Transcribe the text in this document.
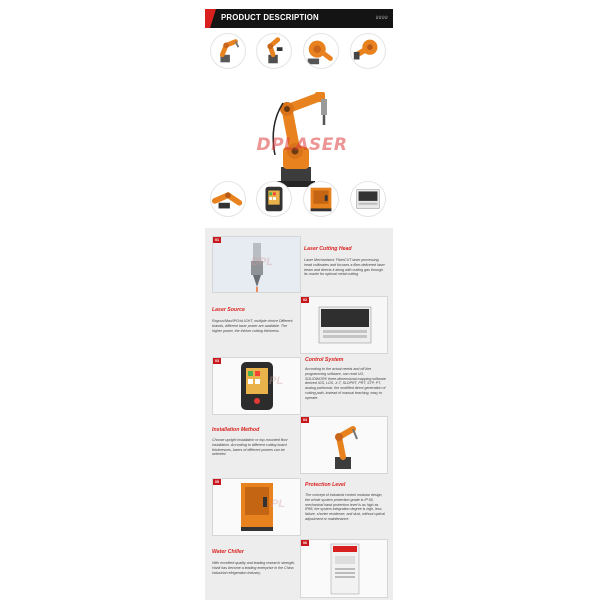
PRODUCT DESCRIPTION	ỮỮỮỮ
DPLASER
01
DPL
Laser Cutting Head
Laser Mechanisms' FiberCUT laser processing head collimates and focuses a fiber-delivered laser beam and directs it along with cutting gas through its nozzle for optimal metal cutting
Laser Source
Raycus/Max/IPG/nLIGHT, multiple choice Different brands, different laser power are available. The higher power, the thicker cutting thickness.
02
03
PL
Control System
According to the actual needs and off-line programming software, can read UG, SOLIDWORK three-dimensional mapping software derived IGS, LGS, X-T, SLDPRT, PRT, STP, PT, analog parformat, the modified direct generation of cutting path, instead of manual teaching, easy to operate.
Installation Method
Choose upright installation or top-mounted floor installation. According to different cutting board thicknesses, lasers of different powers can be selected.
04
05
PL
Protection Level
The concept of industrial control modular design, the whole system protection grade is IP 65, mechanical hand protection level is as high as IP68, the system integration degree is high, less failure, shorter residence, anti dust, without optical adjustment or maintenance.
Water Chiller
With excellent quality and leading research strength, Hanli has become a leading enterprise in the China industrial refrigeration industry.
06
